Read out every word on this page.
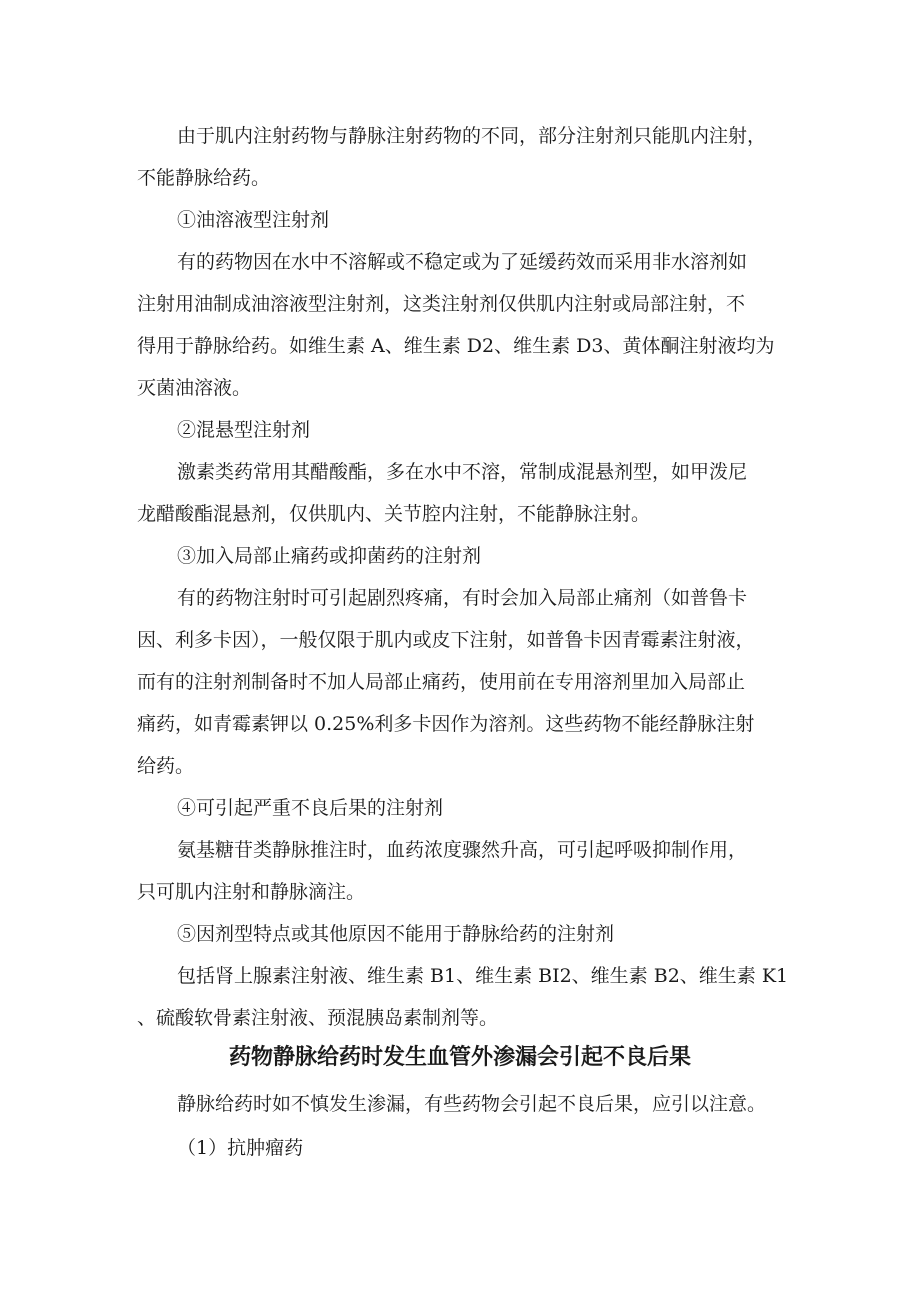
由于肌内注射药物与静脉注射药物的不同，部分注射剂只能肌内注射，

不能静脉给药。

①油溶液型注射剂

有的药物因在水中不溶解或不稳定或为了延缓药效而采用非水溶剂如

注射用油制成油溶液型注射剂，这类注射剂仅供肌内注射或局部注射，不

得用于静脉给药。如维生素 A、维生素 D2、维生素 D3、黄体酮注射液均为

灭菌油溶液。

②混悬型注射剂

激素类药常用其醋酸酯，多在水中不溶，常制成混悬剂型，如甲泼尼

龙醋酸酯混悬剂，仅供肌内、关节腔内注射，不能静脉注射。

③加入局部止痛药或抑菌药的注射剂

有的药物注射时可引起剧烈疼痛，有时会加入局部止痛剂（如普鲁卡

因、利多卡因），一般仅限于肌内或皮下注射，如普鲁卡因青霉素注射液，

而有的注射剂制备时不加人局部止痛药，使用前在专用溶剂里加入局部止

痛药，如青霉素钾以 0.25%利多卡因作为溶剂。这些药物不能经静脉注射

给药。

④可引起严重不良后果的注射剂

氨基糖苷类静脉推注时，血药浓度骤然升高，可引起呼吸抑制作用，

只可肌内注射和静脉滴注。

⑤因剂型特点或其他原因不能用于静脉给药的注射剂

包括肾上腺素注射液、维生素 B1、维生素 BI2、维生素 B2、维生素 K1

、硫酸软骨素注射液、预混胰岛素制剂等。

药物静脉给药时发生血管外渗漏会引起不良后果

静脉给药时如不慎发生渗漏，有些药物会引起不良后果，应引以注意。

（1）抗肿瘤药
